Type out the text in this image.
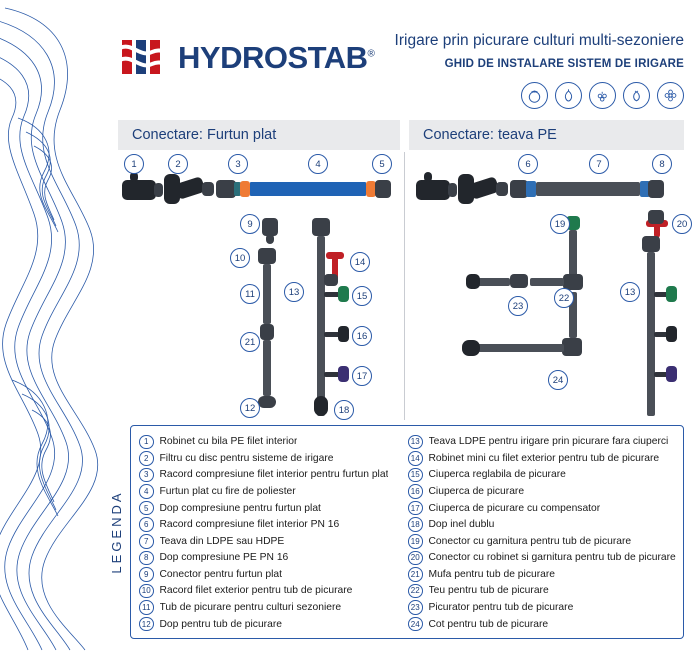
HYDROSTAB®
Irigare prin picurare culturi multi-sezoniere
GHID DE INSTALARE SISTEM DE IRIGARE
Conectare: Furtun plat	Conectare: teava PE
1	2	3	4	5	6	7	8
9
10
11
12
13
14
15
16
17
18
19	20
21
22
23
24
13
LEGENDA
1	Robinet cu bila PE filet interior
2	Filtru cu disc pentru sisteme de irigare
3	Racord compresiune filet interior pentru furtun plat
4	Furtun plat cu fire de poliester
5	Dop compresiune pentru furtun plat
6	Racord compresiune filet interior PN 16
7	Teava din LDPE sau HDPE
8	Dop compresiune PE PN 16
9	Conector pentru furtun plat
10 Racord filet exterior pentru tub de picurare
11 Tub de picurare pentru culturi sezoniere
12 Dop pentru tub de picurare
13 Teava LDPE pentru irigare prin picurare fara ciuperci
14 Robinet mini cu filet exterior pentru tub de picurare
15 Ciuperca reglabila de picurare
16 Ciuperca de picurare
17 Ciuperca de picurare cu compensator
18 Dop inel dublu
19 Conector cu garnitura pentru tub de picurare
20 Conector cu robinet si garnitura pentru tub de picurare
21 Mufa pentru tub de picurare
22 Teu pentru tub de picurare
23 Picurator pentru tub de picurare
24 Cot pentru tub de picurare
